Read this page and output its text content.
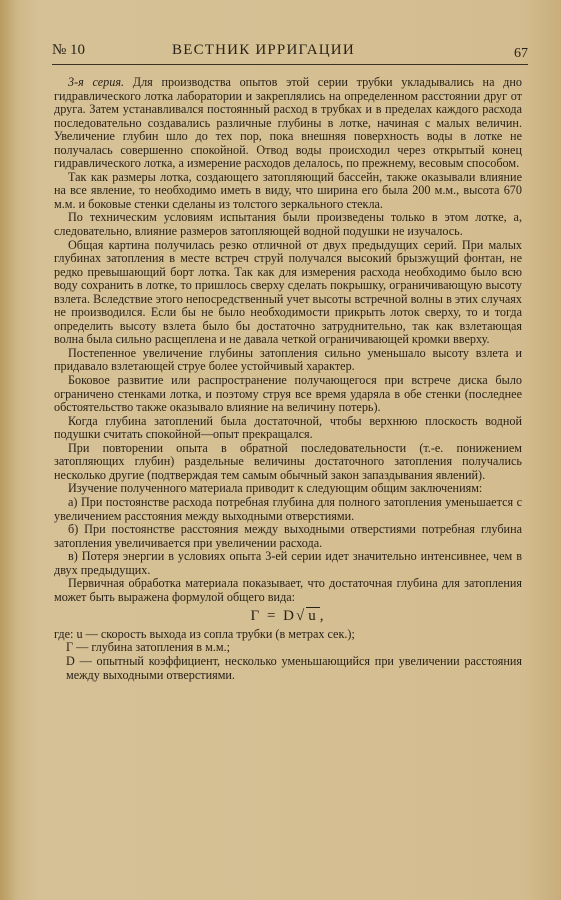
№ 10	ВЕСТНИК ИРРИГАЦИИ	67

3-я серия. Для производства опытов этой серии трубки укладывались на дно гидравлического лотка лаборатории и закреплялись на определенном расстоянии друг от друга. Затем устанавливался постоянный расход в трубках и в пределах каждого расхода последовательно создавались различные глубины в лотке, начиная с малых величин. Увеличение глубин шло до тех пор, пока внешняя поверхность воды в лотке не получалась совершенно спокойной. Отвод воды происходил через открытый конец гидравлического лотка, а измерение расходов делалось, по прежнему, весовым способом.

Так как размеры лотка, создающего затопляющий бассейн, также оказывали влияние на все явление, то необходимо иметь в виду, что ширина его была 200 м.м., высота 670 м.м. и боковые стенки сделаны из толстого зеркального стекла.

По техническим условиям испытания были произведены только в этом лотке, а, следовательно, влияние размеров затопляющей водной подушки не изучалось.

Общая картина получилась резко отличной от двух предыдущих серий. При малых глубинах затопления в месте встреч струй получался высокий брызжущий фонтан, не редко превышающий борт лотка. Так как для измерения расхода необходимо было всю воду сохранить в лотке, то пришлось сверху сделать покрышку, ограничивающую высоту взлета. Вследствие этого непосредственный учет высоты встречной волны в этих случаях не производился. Если бы не было необходимости прикрыть лоток сверху, то и тогда определить высоту взлета было бы достаточно затруднительно, так как взлетающая волна была сильно расщеплена и не давала четкой ограничивающей кромки вверху.

Постепенное увеличение глубины затопления сильно уменьшало высоту взлета и придавало взлетающей струе более устойчивый характер.

Боковое развитие или распространение получающегося при встрече диска было ограничено стенками лотка, и поэтому струя все время ударяла в обе стенки (последнее обстоятельство также оказывало влияние на величину потерь).

Когда глубина затоплений была достаточной, чтобы верхнюю плоскость водной подушки считать спокойной—опыт прекращался.

При повторении опыта в обратной последовательности (т.-е. понижением затопляющих глубин) раздельные величины достаточного затопления получались несколько другие (подтверждая тем самым обычный закон запаздывания явлений).

Изучение полученного материала приводит к следующим общим заключениям:

а) При постоянстве расхода потребная глубина для полного затопления уменьшается с увеличением расстояния между выходными отверстиями.

б) При постоянстве расстояния между выходными отверстиями потребная глубина затопления увеличивается при увеличении расхода.

в) Потеря энергии в условиях опыта 3-ей серии идет значительно интенсивнее, чем в двух предыдущих.

Первичная обработка материала показывает, что достаточная глубина для затопления может быть выражена формулой общего вида:

Г = D√ u ,
где: u — скорость выхода из сопла трубки (в метрах сек.);
Г — глубина затопления в м.м.;
D — опытный коэффициент, несколько уменьшающийся при увеличении расстояния между выходными отверстиями.
